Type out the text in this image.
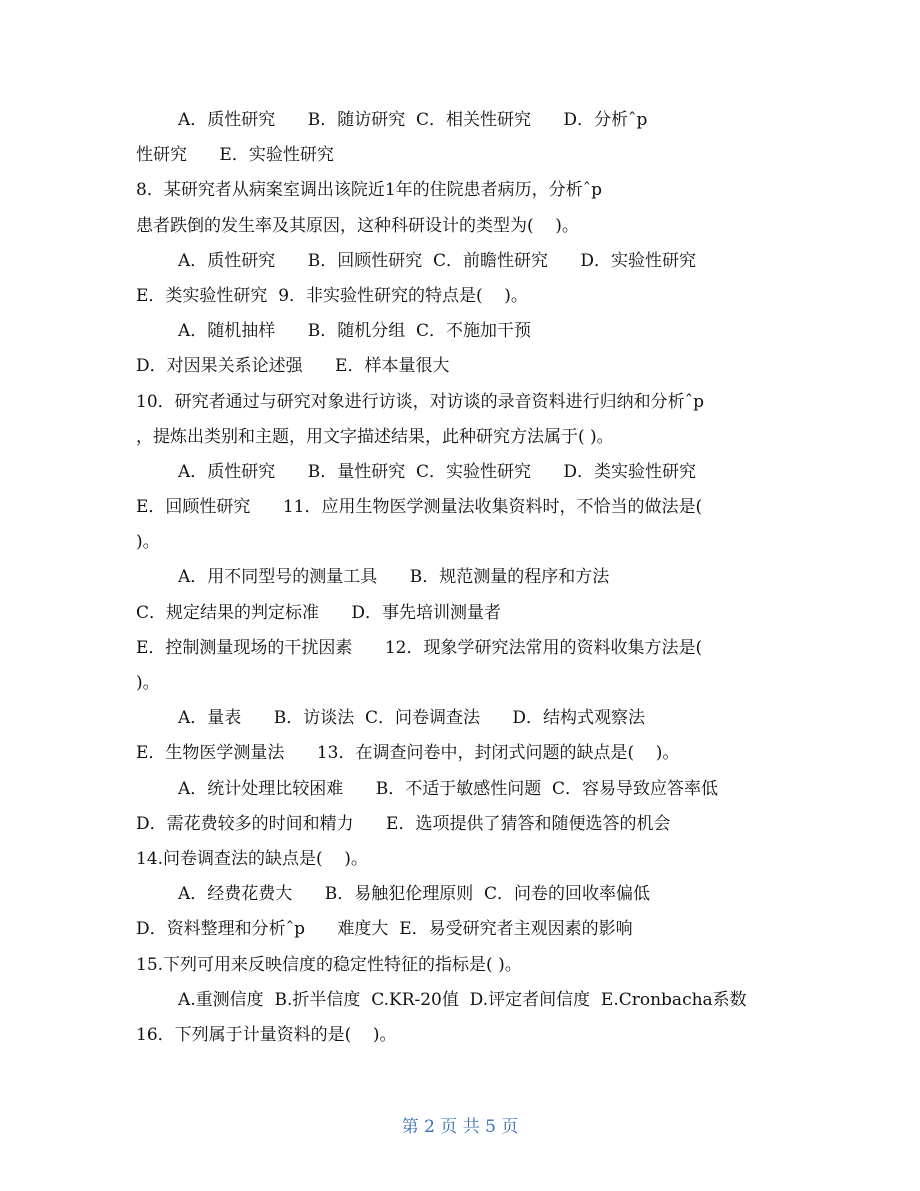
A．质性研究      B．随访研究  C．相关性研究      D．分析ˆp
性研究      E．实验性研究
8．某研究者从病案室调出该院近1年的住院患者病历，分析ˆp
患者跌倒的发生率及其原因，这种科研设计的类型为(    )。
A．质性研究      B．回顾性研究  C．前瞻性研究      D．实验性研究
E．类实验性研究  9．非实验性研究的特点是(    )。
A．随机抽样      B．随机分组  C．不施加干预
D．对因果关系论述强      E．样本量很大
10．研究者通过与研究对象进行访谈，对访谈的录音资料进行归纳和分析ˆp
，提炼出类别和主题，用文字描述结果，此种研究方法属于( )。
A．质性研究      B．量性研究  C．实验性研究      D．类实验性研究
E．回顾性研究      11．应用生物医学测量法收集资料时，不恰当的做法是(
)。
A．用不同型号的测量工具      B．规范测量的程序和方法
C．规定结果的判定标准      D．事先培训测量者
E．控制测量现场的干扰因素      12．现象学研究法常用的资料收集方法是(
)。
A．量表      B．访谈法  C．问卷调查法      D．结构式观察法
E．生物医学测量法      13．在调查问卷中，封闭式问题的缺点是(    )。
A．统计处理比较困难      B．不适于敏感性问题  C．容易导致应答率低
D．需花费较多的时间和精力      E．选项提供了猜答和随便选答的机会
14.问卷调查法的缺点是(    )。
A．经费花费大      B．易触犯伦理原则  C．问卷的回收率偏低
D．资料整理和分析ˆp      难度大  E．易受研究者主观因素的影响
15.下列可用来反映信度的稳定性特征的指标是( )。
A.重测信度  B.折半信度  C.KR-20值  D.评定者间信度  E.Cronbacha系数
16．下列属于计量资料的是(    )。
第 2 页 共 5 页
